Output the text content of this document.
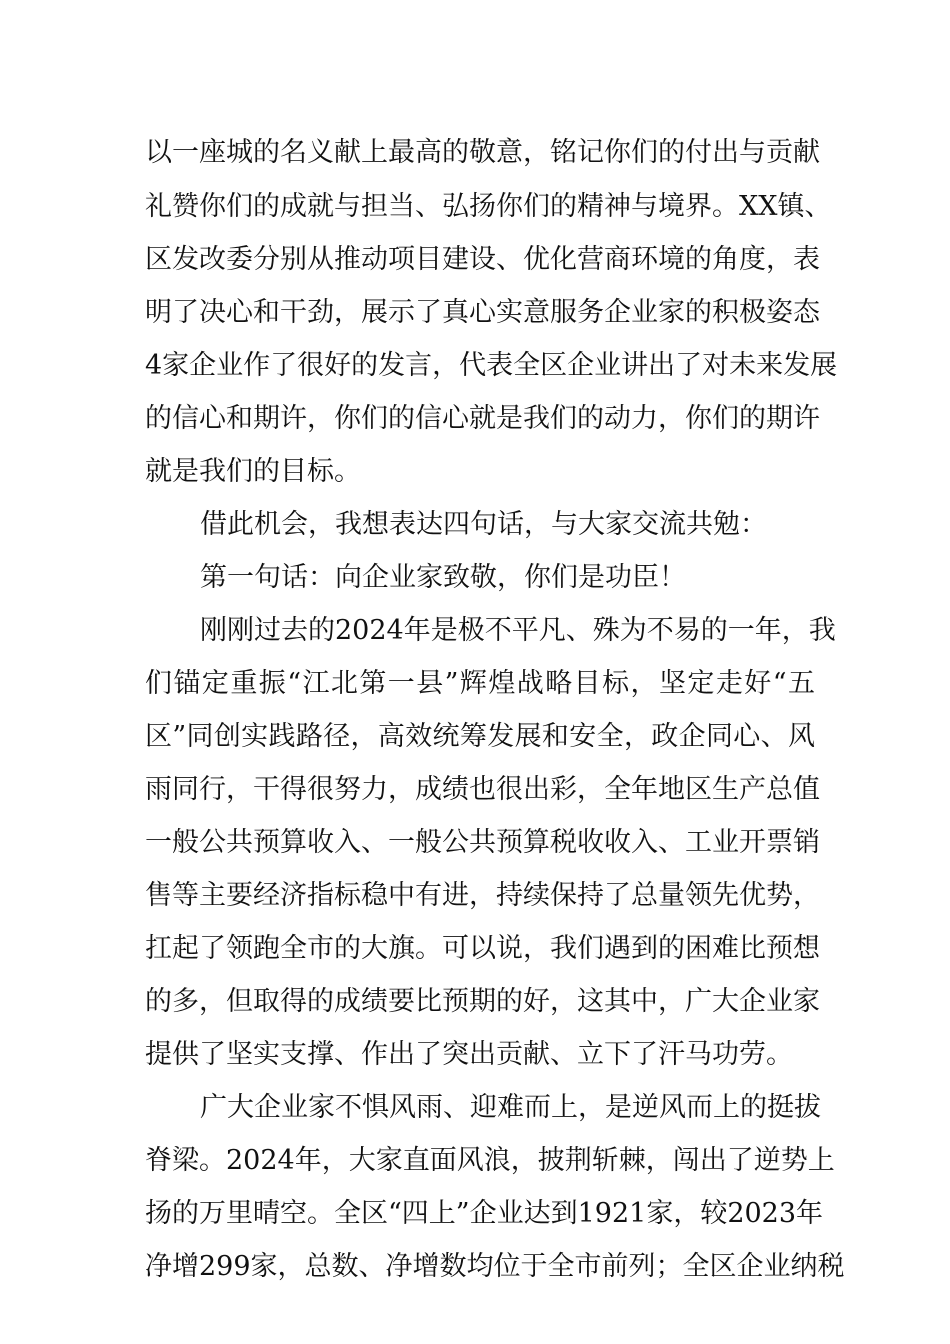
以一座城的名义献上最高的敬意，铭记你们的付出与贡献
礼赞你们的成就与担当、弘扬你们的精神与境界。XX镇、
区发改委分别从推动项目建设、优化营商环境的角度，表
明了决心和干劲，展示了真心实意服务企业家的积极姿态
4家企业作了很好的发言，代表全区企业讲出了对未来发展
的信心和期许，你们的信心就是我们的动力，你们的期许
就是我们的目标。
借此机会，我想表达四句话，与大家交流共勉：
第一句话：向企业家致敬，你们是功臣！
刚刚过去的2024年是极不平凡、殊为不易的一年，我
们锚定重振“江北第一县”辉煌战略目标，坚定走好“五
区”同创实践路径，高效统筹发展和安全，政企同心、风
雨同行，干得很努力，成绩也很出彩，全年地区生产总值
一般公共预算收入、一般公共预算税收收入、工业开票销
售等主要经济指标稳中有进，持续保持了总量领先优势，
扛起了领跑全市的大旗。可以说，我们遇到的困难比预想
的多，但取得的成绩要比预期的好，这其中，广大企业家
提供了坚实支撑、作出了突出贡献、立下了汗马功劳。
广大企业家不惧风雨、迎难而上，是逆风而上的挺拔
脊梁。2024年，大家直面风浪，披荆斩棘，闯出了逆势上
扬的万里晴空。全区“四上”企业达到1921家，较2023年
净增299家，总数、净增数均位于全市前列；全区企业纳税
